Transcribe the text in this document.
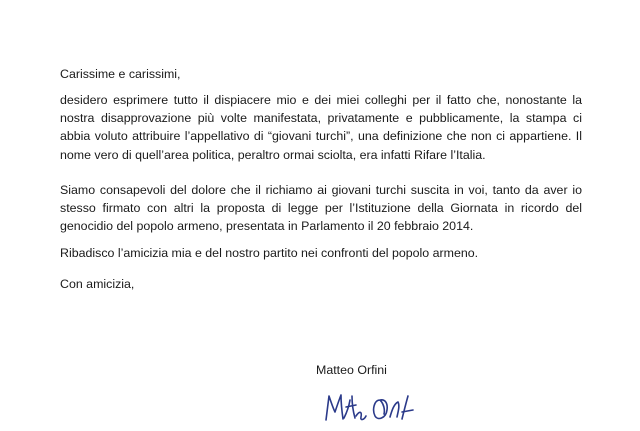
Carissime e carissimi,

desidero esprimere tutto il dispiacere mio e dei miei colleghi per il fatto che, nonostante la nostra disapprovazione più volte manifestata, privatamente e pubblicamente, la stampa ci abbia voluto attribuire l’appellativo di “giovani turchi”, una definizione che non ci appartiene. Il nome vero di quell’area politica, peraltro ormai sciolta, era infatti Rifare l’Italia.

Siamo consapevoli del dolore che il richiamo ai giovani turchi suscita in voi, tanto da aver io stesso firmato con altri la proposta di legge per l’Istituzione della Giornata in ricordo del genocidio del popolo armeno, presentata in Parlamento il 20 febbraio 2014.

Ribadisco l’amicizia mia e del nostro partito nei confronti del popolo armeno.

Con amicizia,

Matteo Orfini
